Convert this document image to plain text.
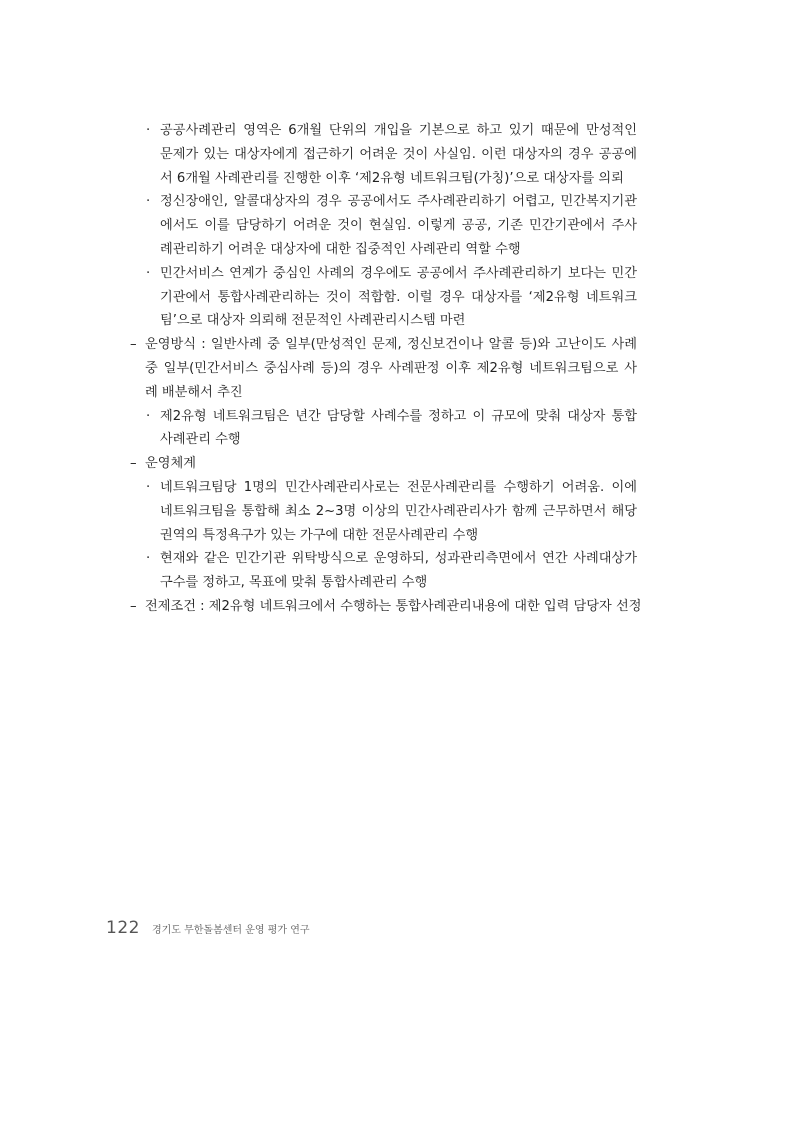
· 공공사례관리 영역은 6개월 단위의 개입을 기본으로 하고 있기 때문에 만성적인
문제가 있는 대상자에게 접근하기 어려운 것이 사실임. 이런 대상자의 경우 공공에
서 6개월 사례관리를 진행한 이후 ‘제2유형 네트워크팀(가칭)’으로 대상자를 의뢰
· 정신장애인, 알콜대상자의 경우 공공에서도 주사례관리하기 어렵고, 민간복지기관
에서도 이를 담당하기 어려운 것이 현실임. 이렇게 공공, 기존 민간기관에서 주사
례관리하기 어려운 대상자에 대한 집중적인 사례관리 역할 수행
· 민간서비스 연계가 중심인 사례의 경우에도 공공에서 주사례관리하기 보다는 민간
기관에서 통합사례관리하는 것이 적합함. 이럴 경우 대상자를 ‘제2유형 네트워크
팀’으로 대상자 의뢰해 전문적인 사례관리시스템 마련
– 운영방식 : 일반사례 중 일부(만성적인 문제, 정신보건이나 알콜 등)와 고난이도 사례
중 일부(민간서비스 중심사례 등)의 경우 사례판정 이후 제2유형 네트워크팀으로 사
례 배분해서 추진
· 제2유형 네트워크팀은 년간 담당할 사례수를 정하고 이 규모에 맞춰 대상자 통합
사례관리 수행
– 운영체계
· 네트워크팀당 1명의 민간사례관리사로는 전문사례관리를 수행하기 어려움. 이에
네트워크팀을 통합해 최소 2~3명 이상의 민간사례관리사가 함께 근무하면서 해당
권역의 특정욕구가 있는 가구에 대한 전문사례관리 수행
· 현재와 같은 민간기관 위탁방식으로 운영하되, 성과관리측면에서 연간 사례대상가
구수를 정하고, 목표에 맞춰 통합사례관리 수행
– 전제조건 : 제2유형 네트워크에서 수행하는 통합사례관리내용에 대한 입력 담당자 선정
122 경기도 무한돌봄센터 운영 평가 연구
